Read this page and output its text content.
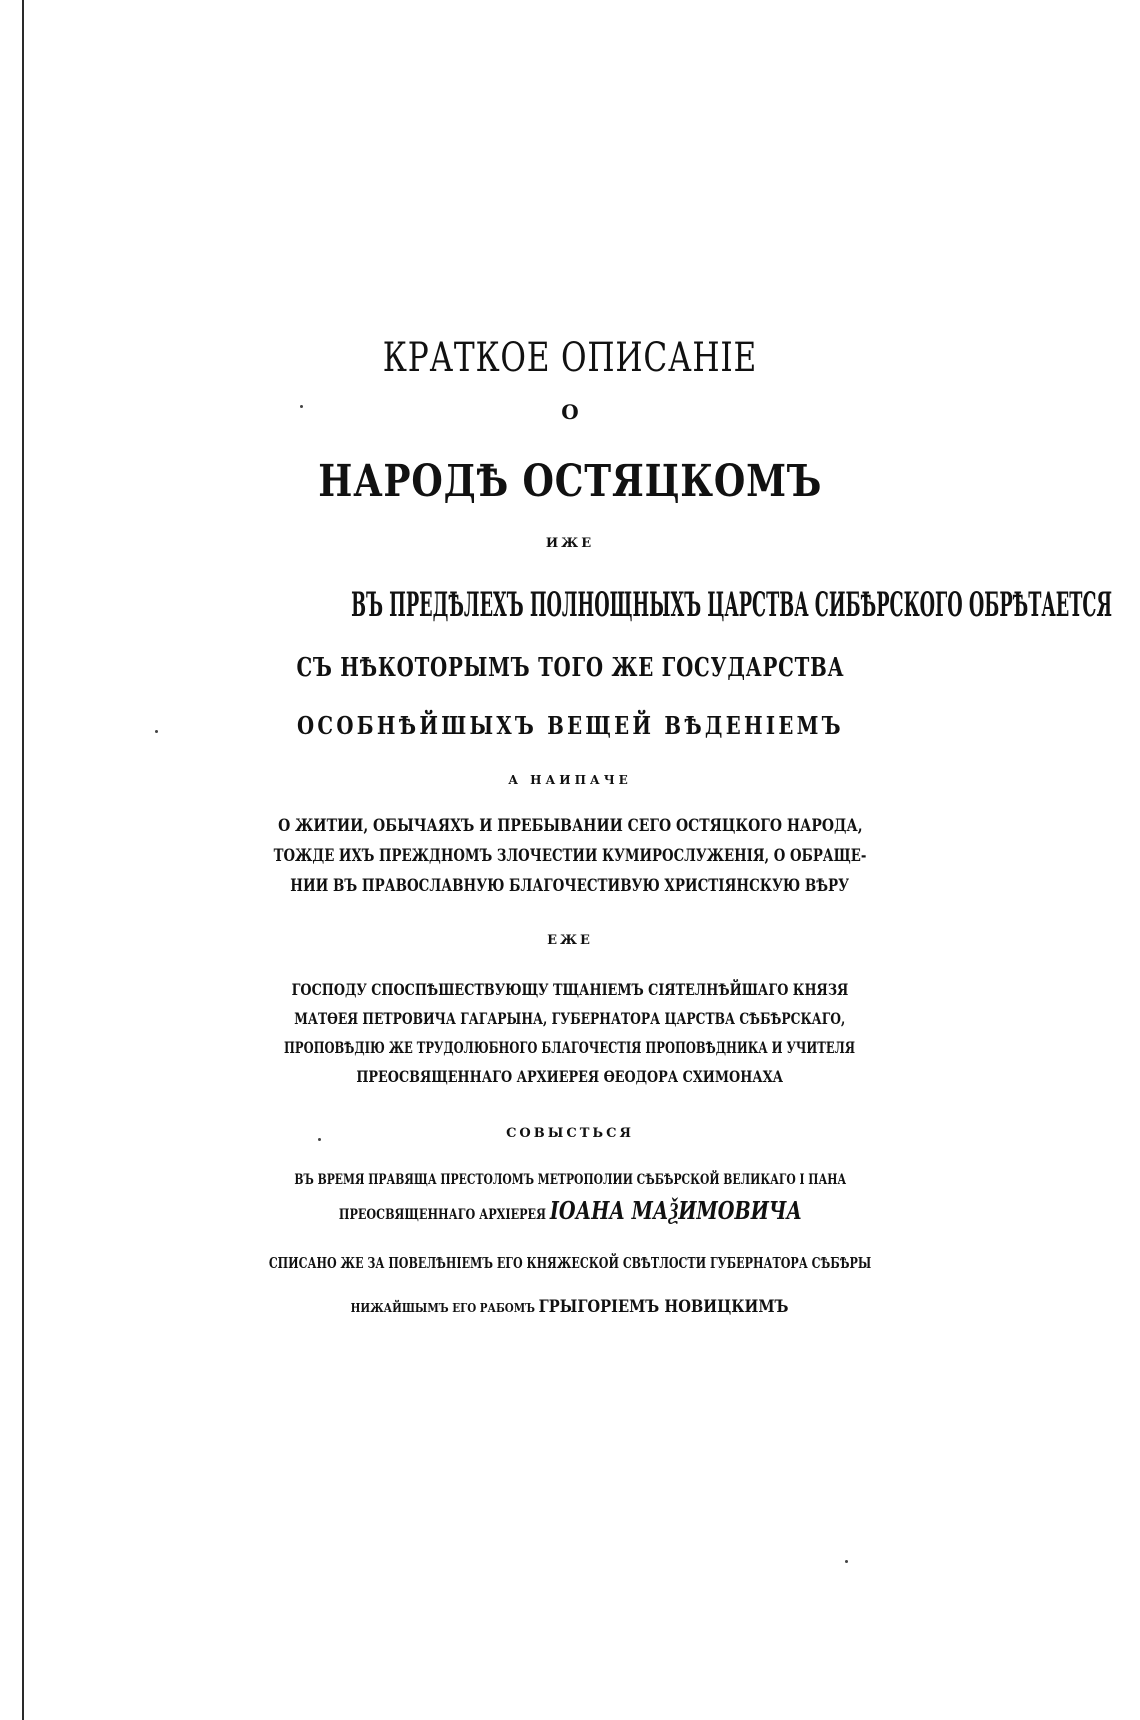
КРАТКОЕ ОПИСАНІЕ
О
НАРОДѢ ОСТЯЦКОМЪ
ИЖЕ
ВЪ ПРЕДѢЛЕХЪ ПОЛНОЩНЫХЪ ЦАРСТВА СИБѢРСКОГО ОБРѢТАЕТСЯ
СЪ НѢКОТОРЫМЪ ТОГО ЖЕ ГОСУДАРСТВА
ОСОБНѢЙШЫХЪ ВЕЩЕЙ ВѢДЕНІЕМЪ
А НАИПАЧЕ
О ЖИТИИ, ОБЫЧАЯХЪ И ПРЕБЫВАНИИ СЕГО ОСТЯЦКОГО НАРОДА,
ТОЖДЕ ИХЪ ПРЕЖДНОМЪ ЗЛОЧЕСТИИ КУМИРОСЛУЖЕНІЯ, О ОБРАЩЕ-
НИИ ВЪ ПРАВОСЛАВНУЮ БЛАГОЧЕСТИВУЮ ХРИСТІЯНСКУЮ ВѢРУ
ЕЖЕ
ГОСПОДУ СПОСПѢШЕСТВУЮЩУ ТЩАНІЕМЪ СІЯТЕЛНѢЙШАГО КНЯЗЯ
МАТѲЕЯ ПЕТРОВИЧА ГАГАРЫНА, ГУБЕРНАТОРА ЦАРСТВА СѢБѢРСКАГО,
ПРОПОВѢДІЮ ЖЕ ТРУДОЛЮБНОГО БЛАГОЧЕСТІЯ ПРОПОВѢДНИКА И УЧИТЕЛЯ
ПРЕОСВЯЩЕННАГО АРХИЕРЕЯ ѲЕОДОРА СХИМОНАХА
СОВЫСТЬСЯ
ВЪ ВРЕМЯ ПРАВЯЩА ПРЕСТОЛОМЪ МЕТРОПОЛИИ СѢБѢРСКОЙ ВЕЛИКАГО І ПАНА
ПРЕОСВЯЩЕННАГО АРХІЕРЕЯ ІОАНА МАѮИМОВИЧА
СПИСАНО ЖЕ ЗА ПОВЕЛѢНІЕМЪ ЕГО КНЯЖЕСКОЙ СВѢТЛОСТИ ГУБЕРНАТОРА СѢБѢРЫ
НИЖАЙШЫМЪ ЕГО РАБОМЪ ГРЫГОРІЕМЪ НОВИЦКИМЪ
